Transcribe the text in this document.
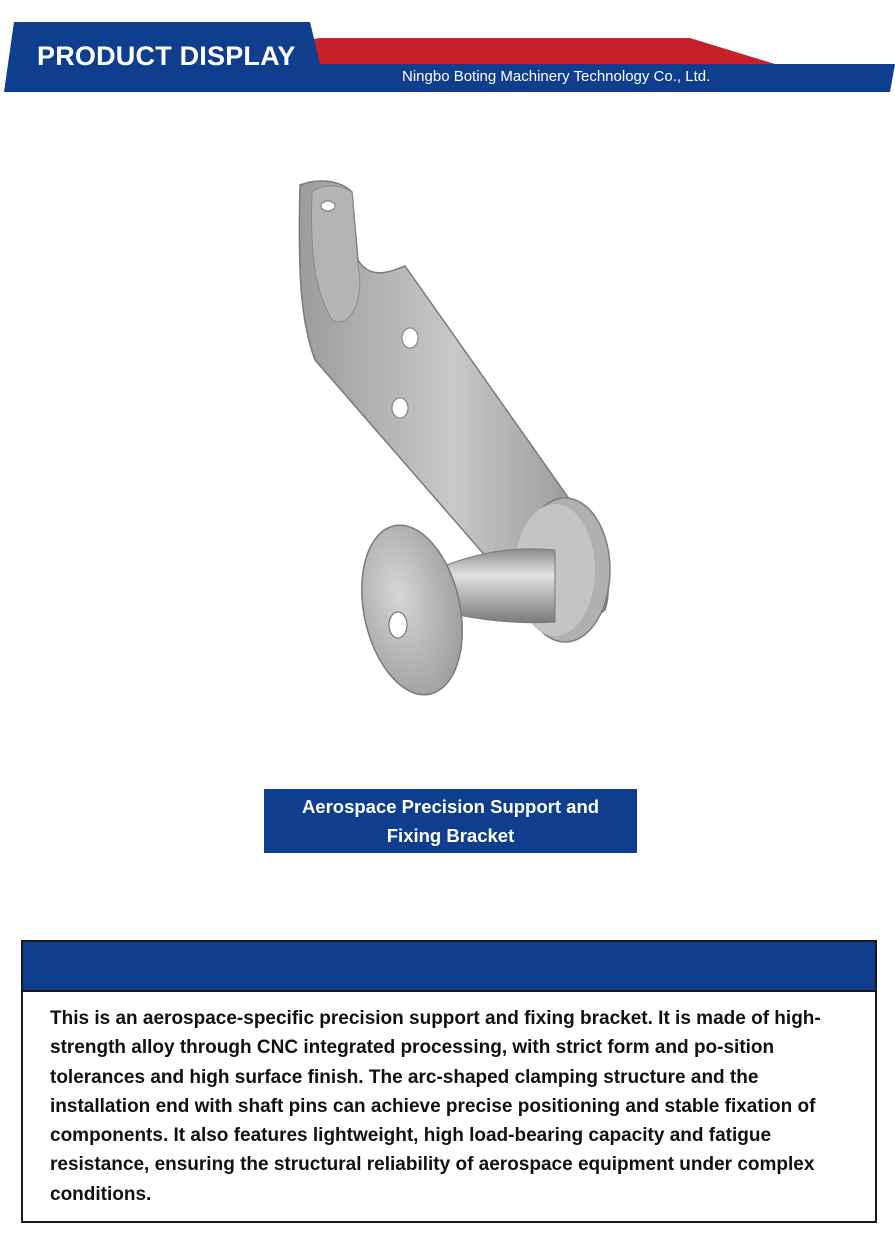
PRODUCT DISPLAY
Ningbo Boting Machinery Technology Co., Ltd.
Aerospace Precision Support and
Fixing Bracket

This is an aerospace-specific precision support and fixing bracket. It is made of high-strength alloy through CNC integrated processing, with strict form and po-sition tolerances and high surface finish. The arc-shaped clamping structure and the installation end with shaft pins can achieve precise positioning and stable fixation of components. It also features lightweight, high load-bearing capacity and fatigue resistance, ensuring the structural reliability of aerospace equipment under complex conditions.
